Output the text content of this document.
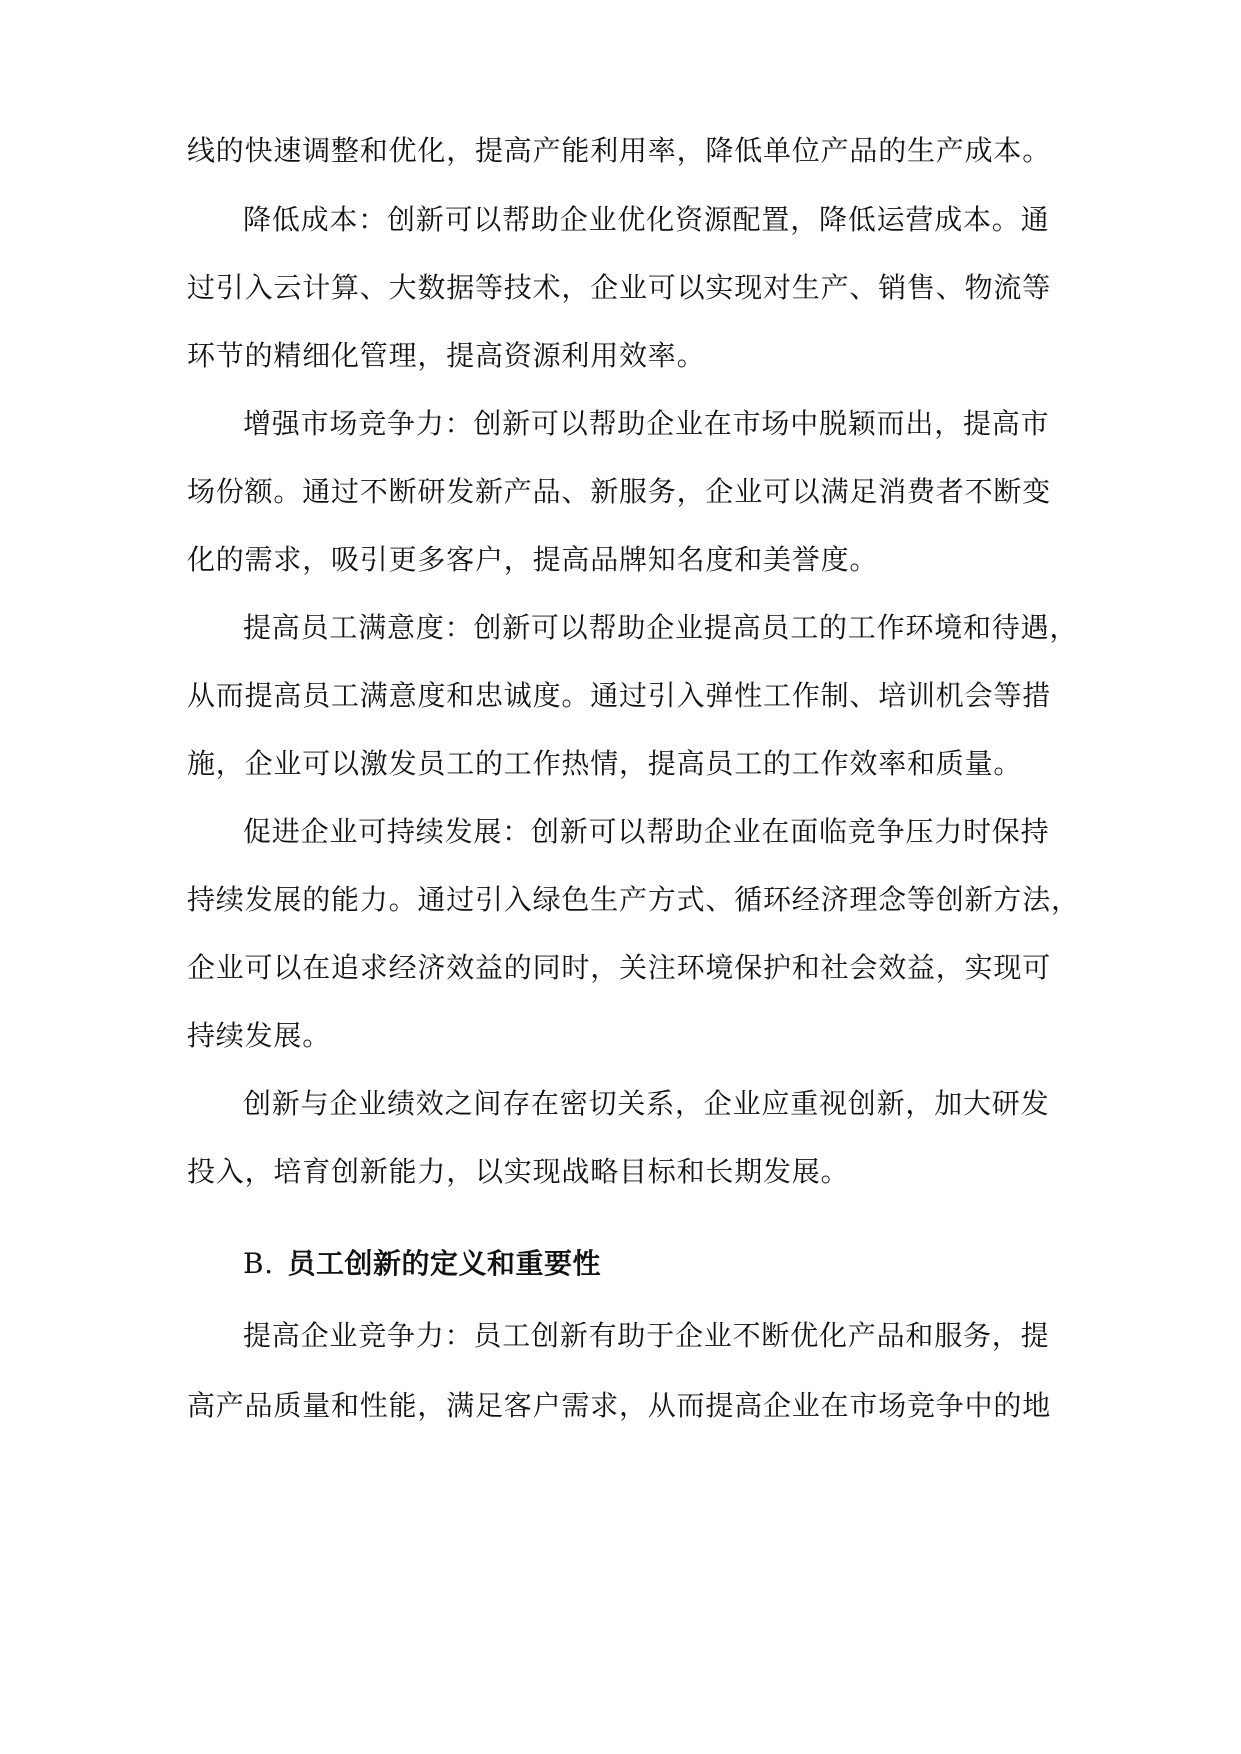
线的快速调整和优化，提高产能利用率，降低单位产品的生产成本。
降低成本：创新可以帮助企业优化资源配置，降低运营成本。通
过引入云计算、大数据等技术，企业可以实现对生产、销售、物流等
环节的精细化管理，提高资源利用效率。
增强市场竞争力：创新可以帮助企业在市场中脱颖而出，提高市
场份额。通过不断研发新产品、新服务，企业可以满足消费者不断变
化的需求，吸引更多客户，提高品牌知名度和美誉度。
提高员工满意度：创新可以帮助企业提高员工的工作环境和待遇，
从而提高员工满意度和忠诚度。通过引入弹性工作制、培训机会等措
施，企业可以激发员工的工作热情，提高员工的工作效率和质量。
促进企业可持续发展：创新可以帮助企业在面临竞争压力时保持
持续发展的能力。通过引入绿色生产方式、循环经济理念等创新方法，
企业可以在追求经济效益的同时，关注环境保护和社会效益，实现可
持续发展。
创新与企业绩效之间存在密切关系，企业应重视创新，加大研发
投入，培育创新能力，以实现战略目标和长期发展。
B. 员工创新的定义和重要性
提高企业竞争力：员工创新有助于企业不断优化产品和服务，提
高产品质量和性能，满足客户需求，从而提高企业在市场竞争中的地
